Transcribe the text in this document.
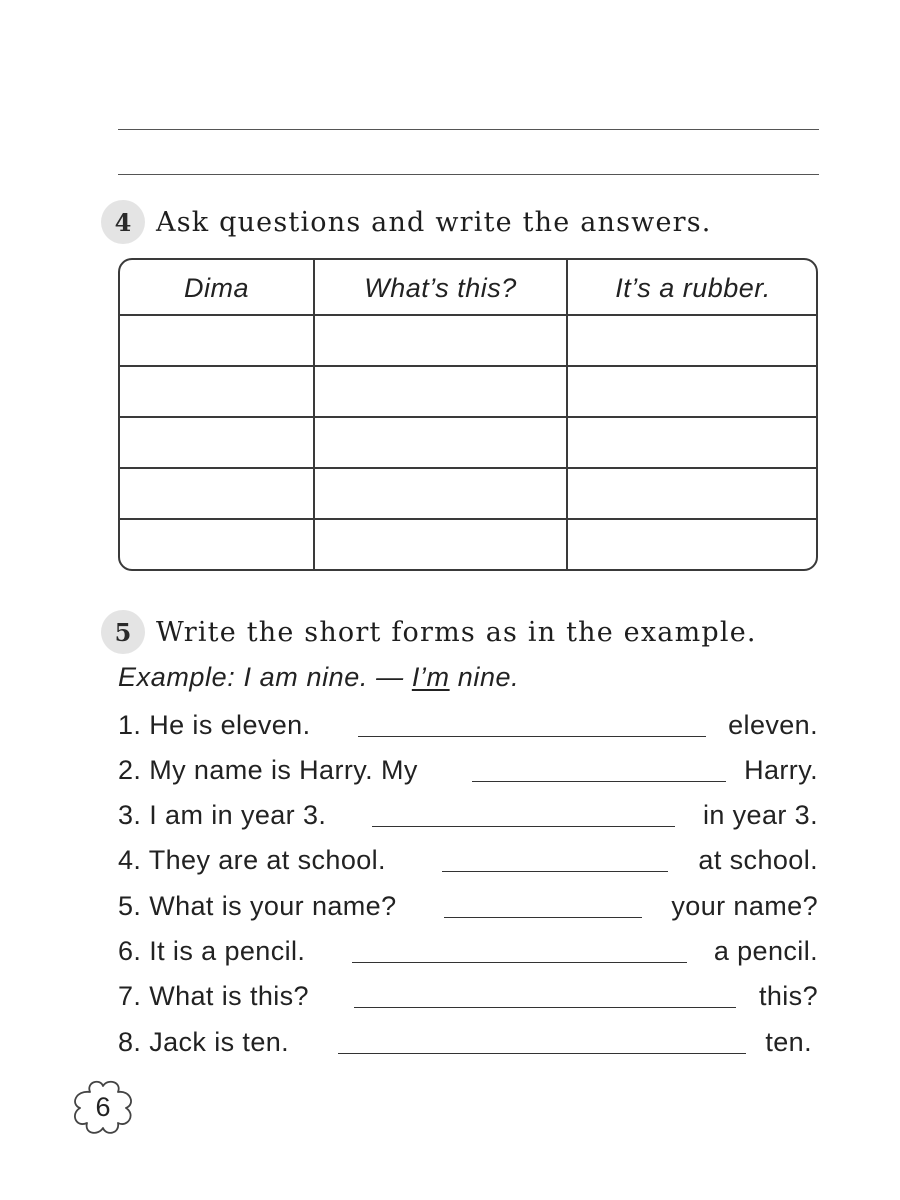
4 Ask questions and write the answers.
Dima	What’s this?	It’s a rubber.
5 Write the short forms as in the example.
Example: I am nine. — I’m nine.
1. He is eleven.	eleven.
2. My name is Harry. My	Harry.
3. I am in year 3.	in year 3.
4. They are at school.	at school.
5. What is your name?	your name?
6. It is a pencil.	a pencil.
7. What is this?	this?
8. Jack is ten.	ten.
6
